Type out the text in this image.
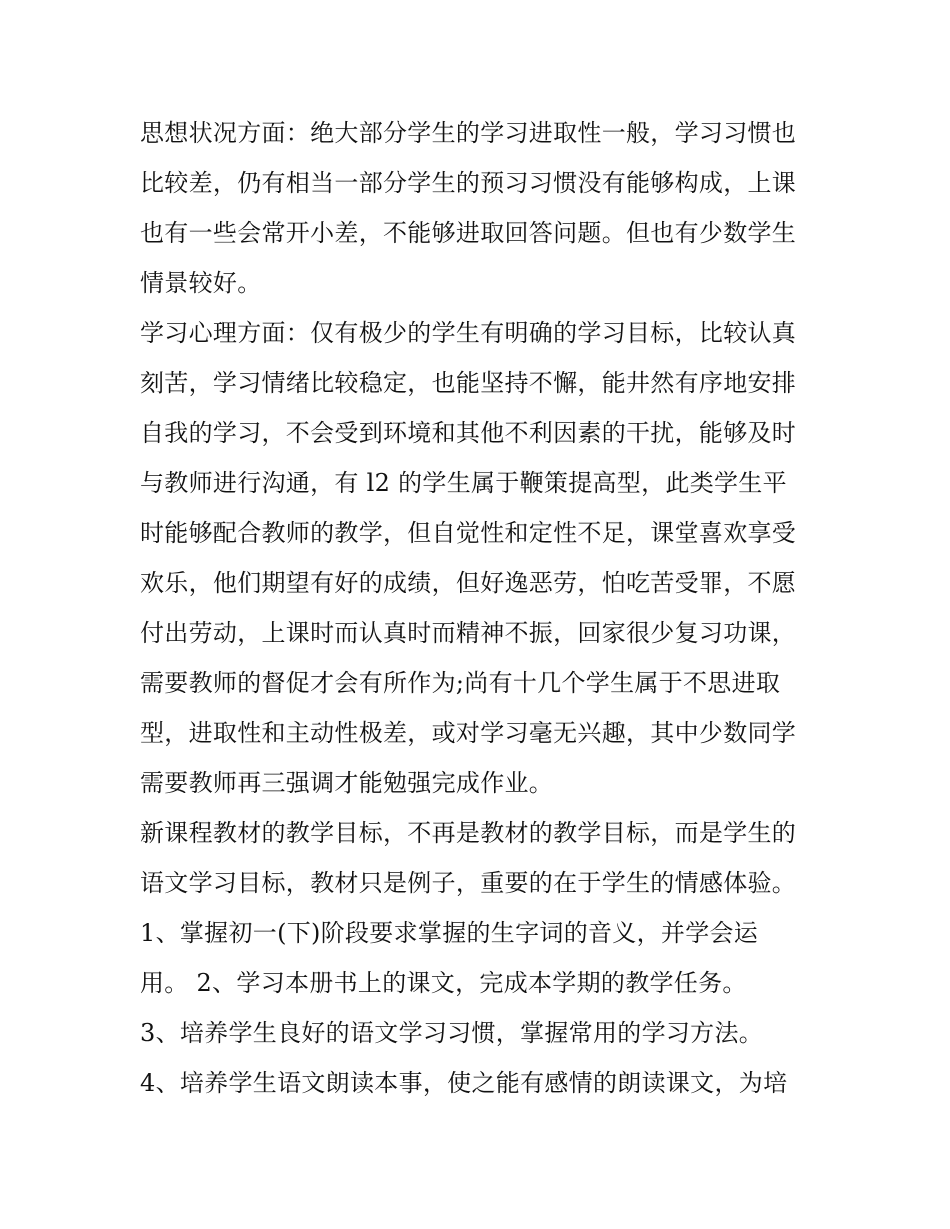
思想状况方面：绝大部分学生的学习进取性一般，学习习惯也
比较差，仍有相当一部分学生的预习习惯没有能够构成，上课
也有一些会常开小差，不能够进取回答问题。但也有少数学生
情景较好。
学习心理方面：仅有极少的学生有明确的学习目标，比较认真
刻苦，学习情绪比较稳定，也能坚持不懈，能井然有序地安排
自我的学习，不会受到环境和其他不利因素的干扰，能够及时
与教师进行沟通，有 l2 的学生属于鞭策提高型，此类学生平
时能够配合教师的教学，但自觉性和定性不足，课堂喜欢享受
欢乐，他们期望有好的成绩，但好逸恶劳，怕吃苦受罪，不愿
付出劳动，上课时而认真时而精神不振，回家很少复习功课，
需要教师的督促才会有所作为;尚有十几个学生属于不思进取
型，进取性和主动性极差，或对学习毫无兴趣，其中少数同学
需要教师再三强调才能勉强完成作业。
新课程教材的教学目标，不再是教材的教学目标，而是学生的
语文学习目标，教材只是例子，重要的在于学生的情感体验。
1、掌握初一(下)阶段要求掌握的生字词的音义，并学会运
用。 2、学习本册书上的课文，完成本学期的教学任务。
3、培养学生良好的语文学习习惯，掌握常用的学习方法。
4、培养学生语文朗读本事，使之能有感情的朗读课文，为培
